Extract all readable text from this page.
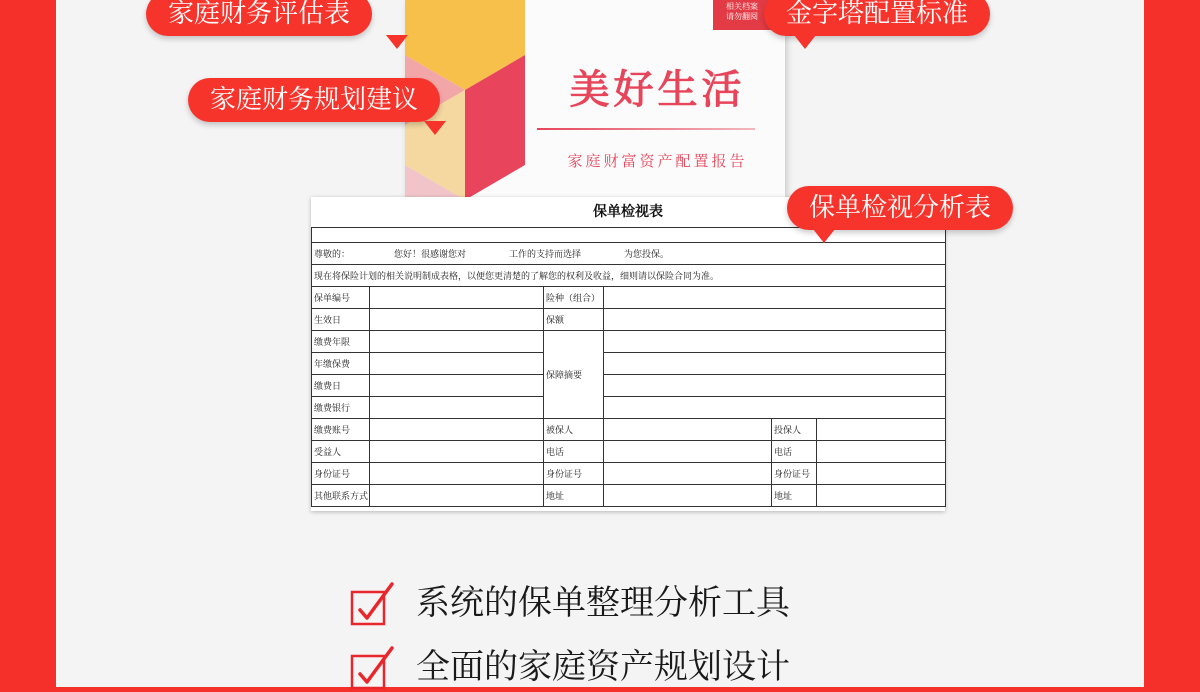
相关档案
请勿翻阅
美好生活
家庭财富资产配置报告
家庭财务评估表	金字塔配置标准
家庭财务规划建议
保单检视表

尊敬的： 您好！很感谢您对 工作的支持而选择 为您投保。					
现在将保险计划的相关说明制成表格，以便您更清楚的了解您的权利及收益，细则请以保险合同为准。					
保单编号		险种（组合）			
生效日		保额			
缴费年限		保障摘要			
年缴保费					
缴费日					
缴费银行					
缴费账号		被保人		投保人	
受益人		电话		电话	
身份证号		身份证号		身份证号	
其他联系方式		地址		地址	
保单检视分析表
系统的保单整理分析工具
全面的家庭资产规划设计
